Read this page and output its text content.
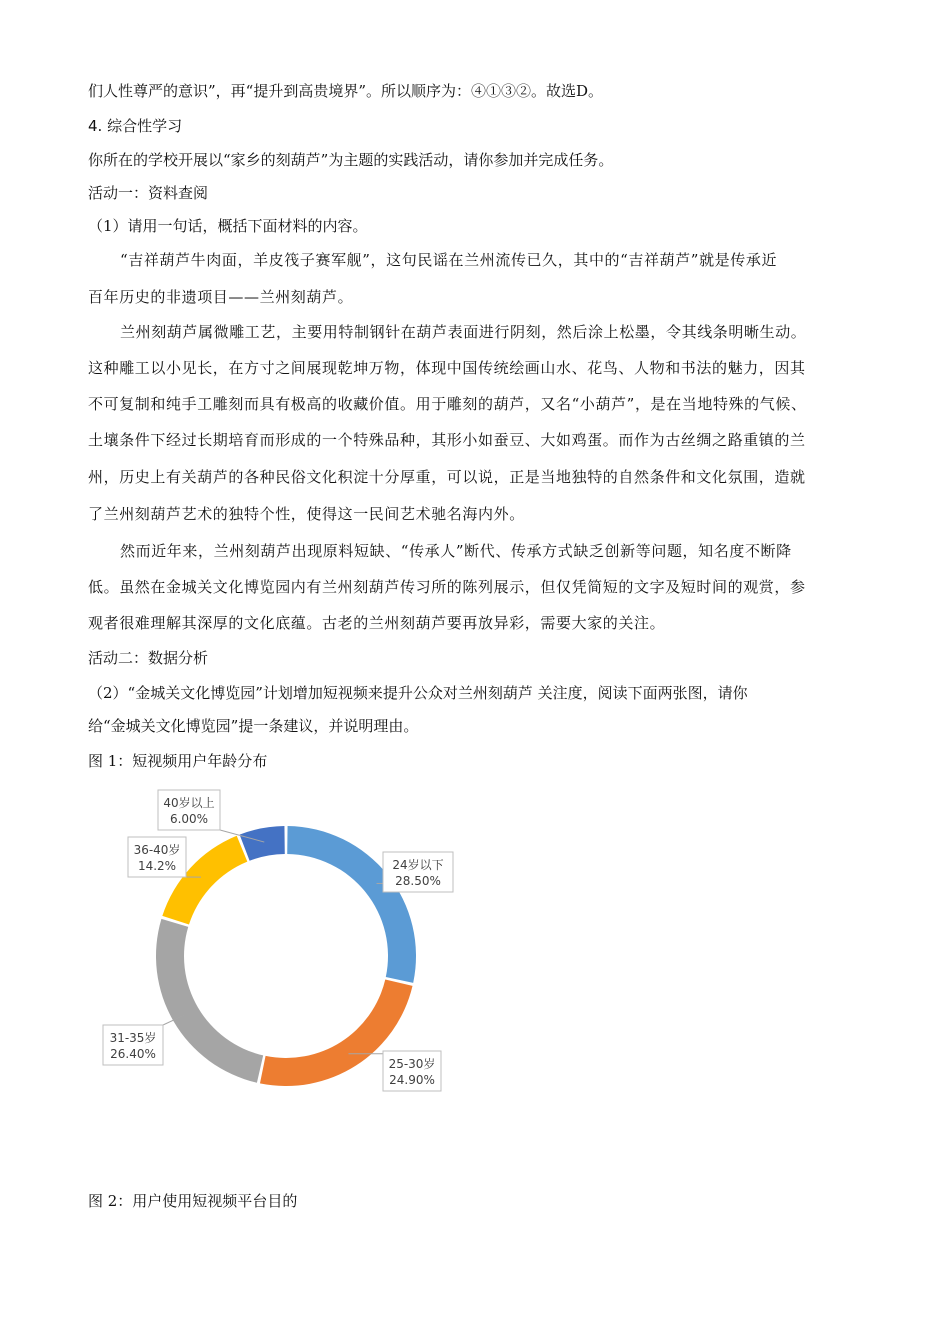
们人性尊严的意识”，再“提升到高贵境界”。所以顺序为：④①③②。故选D。
4. 综合性学习
你所在的学校开展以“家乡的刻葫芦”为主题的实践活动，请你参加并完成任务。
活动一：资料查阅
（1）请用一句话，概括下面材料的内容。
“吉祥葫芦牛肉面，羊皮筏子赛军舰”，这句民谣在兰州流传已久，其中的“吉祥葫芦”就是传承近
百年历史的非遗项目——兰州刻葫芦。
兰州刻葫芦属微雕工艺，主要用特制钢针在葫芦表面进行阴刻，然后涂上松墨，令其线条明晰生动。
这种雕工以小见长，在方寸之间展现乾坤万物，体现中国传统绘画山水、花鸟、人物和书法的魅力，因其
不可复制和纯手工雕刻而具有极高的收藏价值。用于雕刻的葫芦，又名“小葫芦”，是在当地特殊的气候、
土壤条件下经过长期培育而形成的一个特殊品种，其形小如蚕豆、大如鸡蛋。而作为古丝绸之路重镇的兰
州，历史上有关葫芦的各种民俗文化积淀十分厚重，可以说，正是当地独特的自然条件和文化氛围，造就
了兰州刻葫芦艺术的独特个性，使得这一民间艺术驰名海内外。
然而近年来，兰州刻葫芦出现原料短缺、“传承人”断代、传承方式缺乏创新等问题，知名度不断降
低。虽然在金城关文化博览园内有兰州刻葫芦传习所的陈列展示，但仅凭简短的文字及短时间的观赏，参
观者很难理解其深厚的文化底蕴。古老的兰州刻葫芦要再放异彩，需要大家的关注。
活动二：数据分析
（2）“金城关文化博览园”计划增加短视频来提升公众对兰州刻葫芦 关注度，阅读下面两张图，请你
给“金城关文化博览园”提一条建议，并说明理由。
图 1：短视频用户年龄分布
24岁以下
28.50%
25-30岁
24.90%
31-35岁
26.40%
36-40岁
14.2%
40岁以上
6.00%
图 2：用户使用短视频平台目的
